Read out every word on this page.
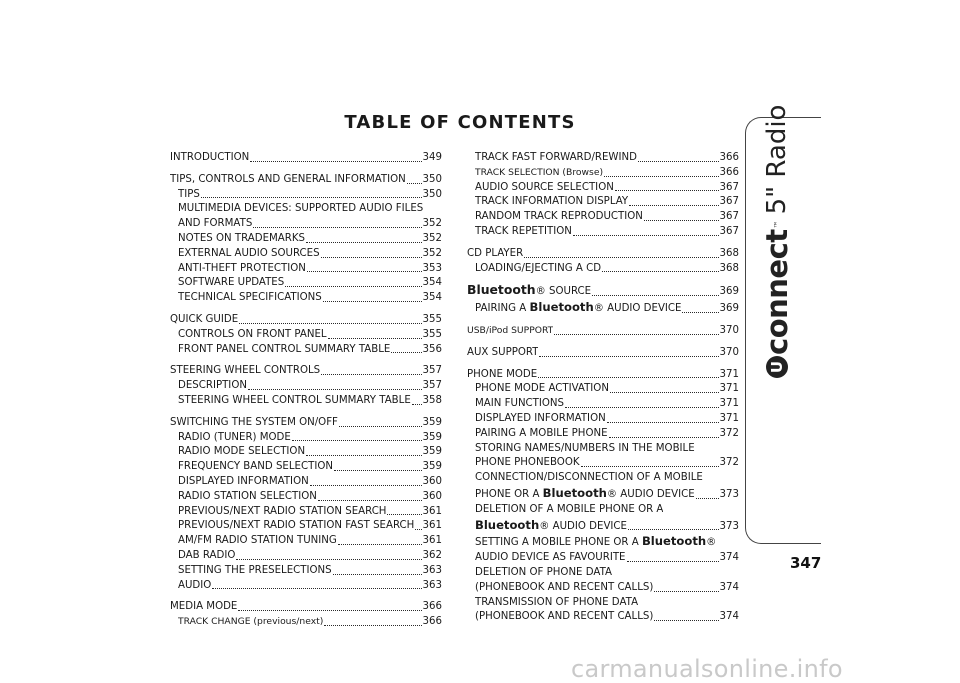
TABLE OF CONTENTS
INTRODUCTION	349
TIPS, CONTROLS AND GENERAL INFORMATION 350
TIPS	350
MULTIMEDIA DEVICES: SUPPORTED AUDIO FILES
AND FORMATS	352
NOTES ON TRADEMARKS	352
EXTERNAL AUDIO SOURCES	352
ANTI-THEFT PROTECTION	353
SOFTWARE UPDATES	354
TECHNICAL SPECIFICATIONS	354
QUICK GUIDE	355
CONTROLS ON FRONT PANEL	355
FRONT PANEL CONTROL SUMMARY TABLE	356
STEERING WHEEL CONTROLS	357
DESCRIPTION	357
STEERING WHEEL CONTROL SUMMARY TABLE 358
SWITCHING THE SYSTEM ON/OFF	359
RADIO (TUNER) MODE	359
RADIO MODE SELECTION	359
FREQUENCY BAND SELECTION	359
DISPLAYED INFORMATION	360
RADIO STATION SELECTION	360
PREVIOUS/NEXT RADIO STATION SEARCH	361
PREVIOUS/NEXT RADIO STATION FAST SEARCH 361
AM/FM RADIO STATION TUNING	361
DAB RADIO	362
SETTING THE PRESELECTIONS	363
AUDIO	363
MEDIA MODE	366
TRACK CHANGE (previous/next)	366
TRACK FAST FORWARD/REWIND	366
TRACK SELECTION (Browse)	366
AUDIO SOURCE SELECTION	367
TRACK INFORMATION DISPLAY	367
RANDOM TRACK REPRODUCTION	367
TRACK REPETITION	367
CD PLAYER	368
LOADING/EJECTING A CD	368
Bluetooth® SOURCE	369
PAIRING A Bluetooth® AUDIO DEVICE	369
USB/iPod SUPPORT	370
AUX SUPPORT	370
PHONE MODE	371
PHONE MODE ACTIVATION	371
MAIN FUNCTIONS	371
DISPLAYED INFORMATION	371
PAIRING A MOBILE PHONE	372
STORING NAMES/NUMBERS IN THE MOBILE
PHONE PHONEBOOK	372
CONNECTION/DISCONNECTION OF A MOBILE
PHONE OR A Bluetooth® AUDIO DEVICE 373
DELETION OF A MOBILE PHONE OR A
Bluetooth® AUDIO DEVICE	373
SETTING A MOBILE PHONE OR A Bluetooth®
AUDIO DEVICE AS FAVOURITE	374
DELETION OF PHONE DATA
(PHONEBOOK AND RECENT CALLS)	374
TRANSMISSION OF PHONE DATA
(PHONEBOOK AND RECENT CALLS)	374
U
connect
™
5" Radio
347
carmanualsonline.info
